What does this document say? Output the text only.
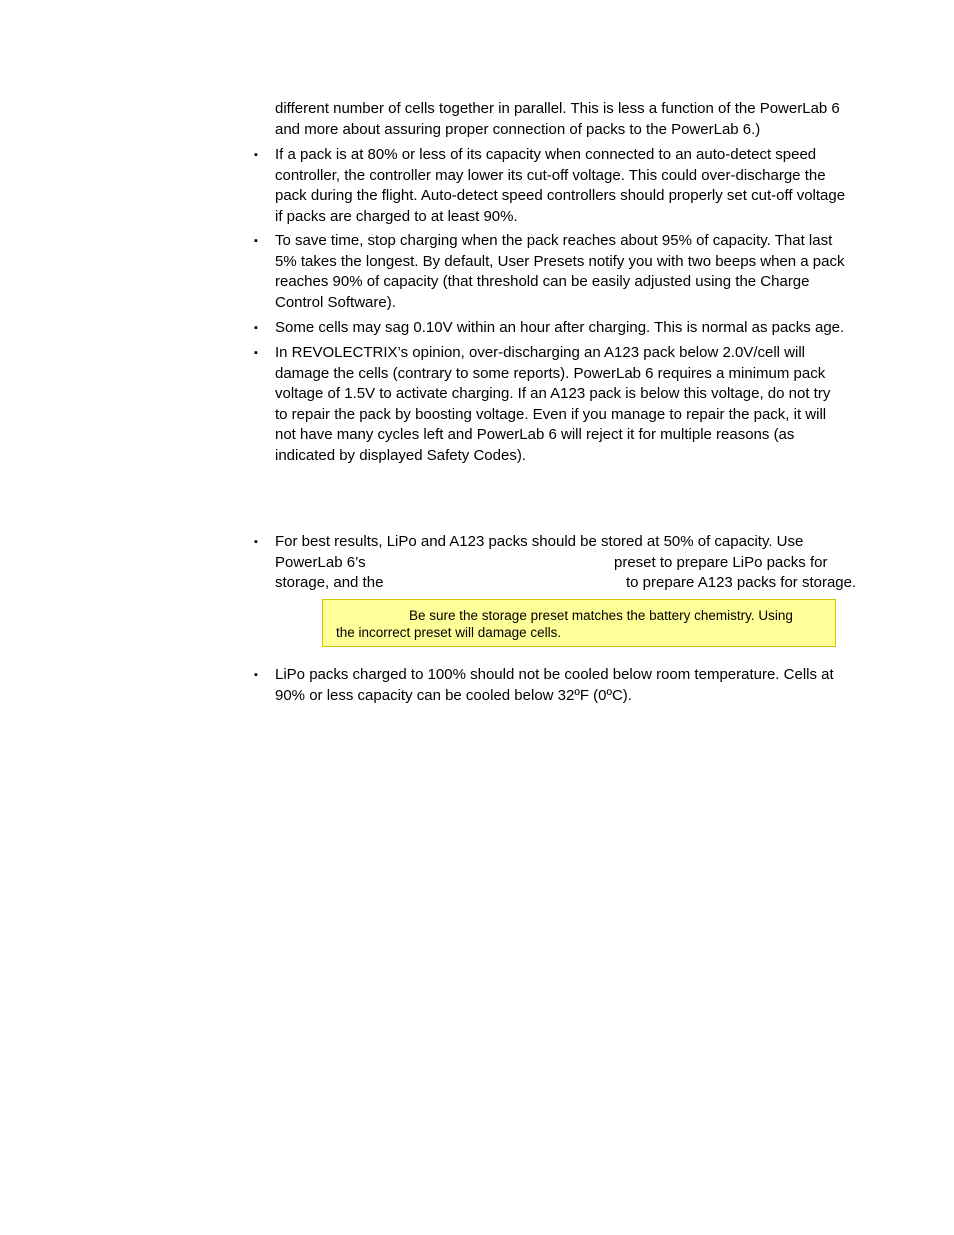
different number of cells together in parallel. This is less a function of the PowerLab 6
and more about assuring proper connection of packs to the PowerLab 6.)
▪
If a pack is at 80% or less of its capacity when connected to an auto-detect speed
controller, the controller may lower its cut-off voltage. This could over-discharge the
pack during the flight. Auto-detect speed controllers should properly set cut-off voltage
if packs are charged to at least 90%.
▪
To save time, stop charging when the pack reaches about 95% of capacity. That last
5% takes the longest. By default, User Presets notify you with two beeps when a pack
reaches 90% of capacity (that threshold can be easily adjusted using the Charge
Control Software).
▪
Some cells may sag 0.10V within an hour after charging. This is normal as packs age.
▪
In REVOLECTRIX’s opinion, over-discharging an A123 pack below 2.0V/cell will
damage the cells (contrary to some reports). PowerLab 6 requires a minimum pack
voltage of 1.5V to activate charging. If an A123 pack is below this voltage, do not try
to repair the pack by boosting voltage. Even if you manage to repair the pack, it will
not have many cycles left and PowerLab 6 will reject it for multiple reasons (as
indicated by displayed Safety Codes).
▪
For best results, LiPo and A123 packs should be stored at 50% of capacity. Use
PowerLab 6’s	preset to prepare LiPo packs for
storage, and the	to prepare A123 packs for storage.
Be sure the storage preset matches the battery chemistry. Using
the incorrect preset will damage cells.
▪
LiPo packs charged to 100% should not be cooled below room temperature. Cells at
90% or less capacity can be cooled below 32ºF (0ºC).
